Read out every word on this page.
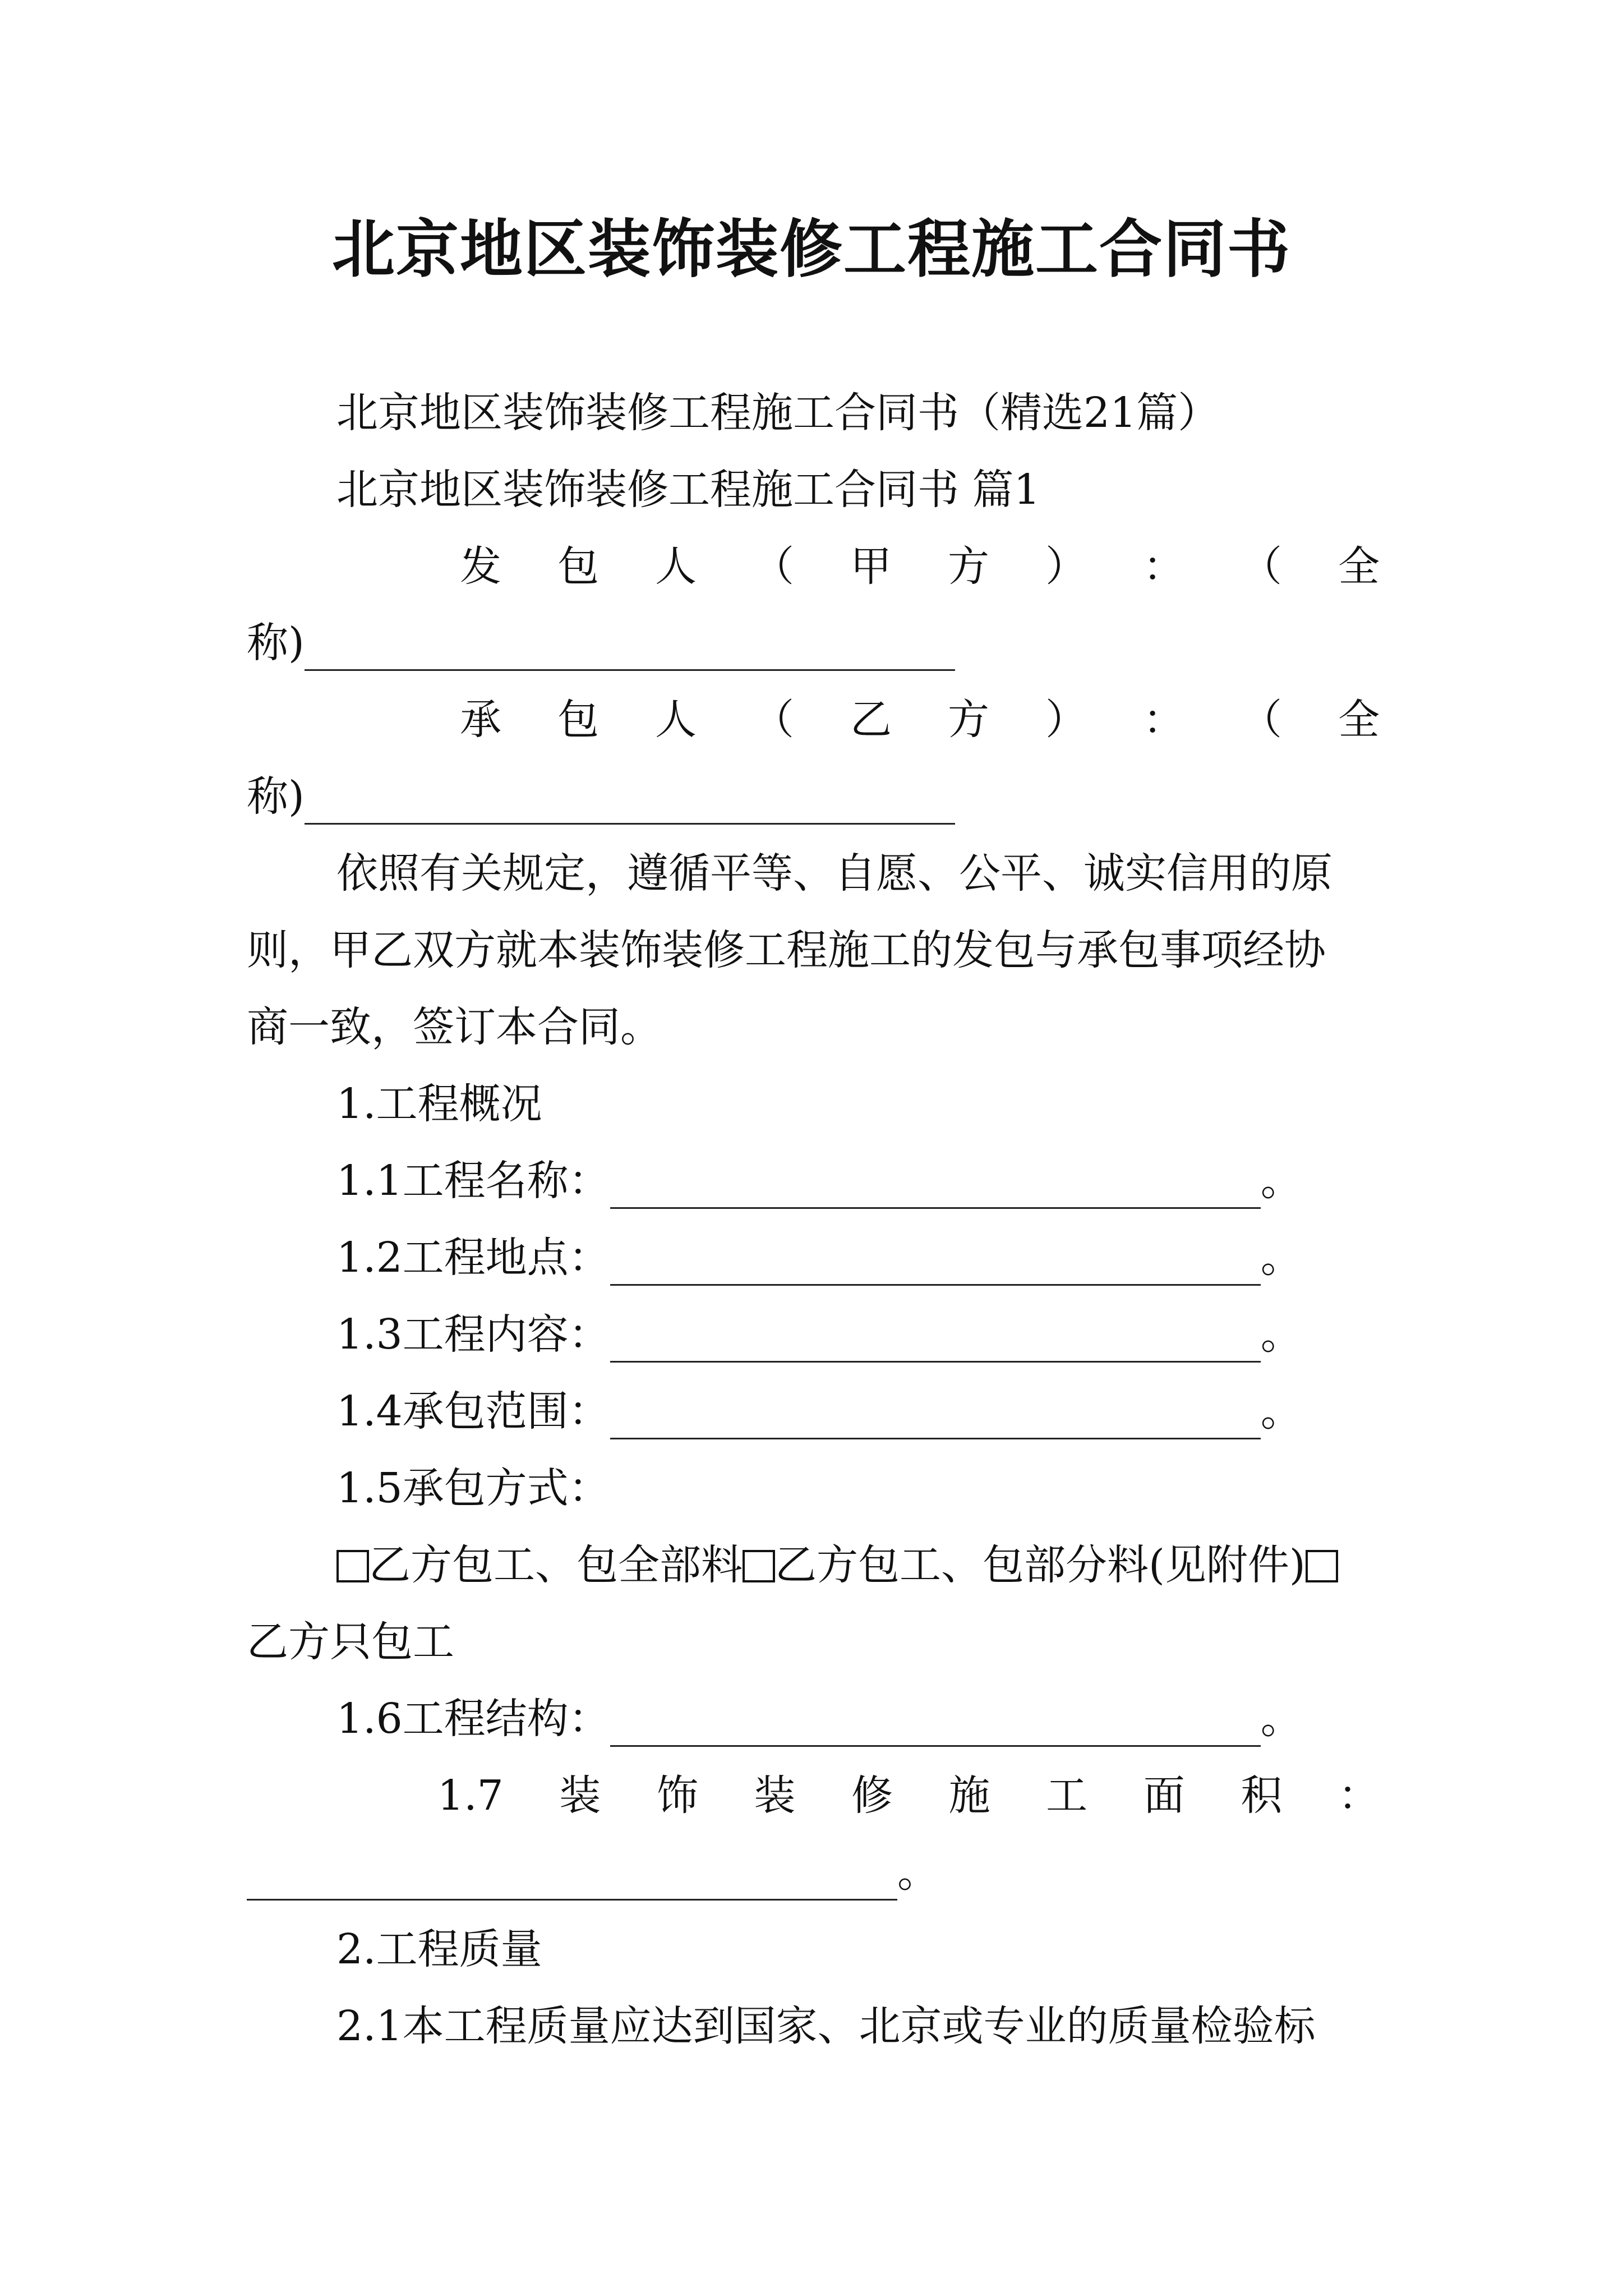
北京地区装饰装修工程施工合同书
北京地区装饰装修工程施工合同书（精选21篇）
北京地区装饰装修工程施工合同书 篇1
发 包 人 （ 甲 方 ） ： （ 全
称)
承 包 人 （ 乙 方 ） ： （ 全
称)
依照有关规定，遵循平等、自愿、公平、诚实信用的原
则，甲乙双方就本装饰装修工程施工的发包与承包事项经协
商一致，签订本合同。
1.工程概况
1.1工程名称：	。
1.2工程地点：	。
1.3工程内容：	。
1.4承包范围：	。
1.5承包方式：
乙方包工、包全部料 乙方包工、包部分料(见附件)
乙方只包工
1.6工程结构：	。
1.7 装 饰 装 修 施 工 面 积 ：
。
2.工程质量
2.1本工程质量应达到国家、北京或专业的质量检验标
